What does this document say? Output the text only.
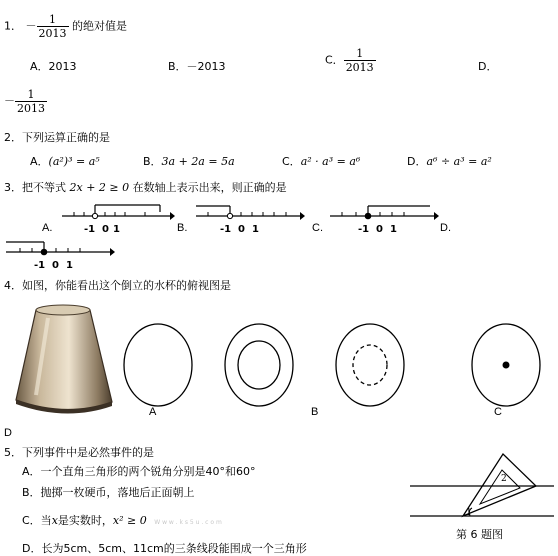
1． － $\frac{1}{2013}$ 的绝对值是
A．2013	B．－2013	C． $\frac{1}{2013}$	D．
－ $\frac{1}{2013}$
2．下列运算正确的是
A．(a²)³ = a⁵	B．3a + 2a = 5a	C．a² · a³ = a⁶	D．a⁶ ÷ a³ = a²
3．把不等式 2x + 2 ≥ 0 在数轴上表示出来，则正确的是
A.	-1 0 1	B.	-1 0 1	C.	-1 0 1	D.
-1 0 1
4．如图，你能看出这个倒立的水杯的俯视图是
A	B	C
D
5．下列事件中是必然事件的是
A．一个直角三角形的两个锐角分别是40°和60°
B．抛掷一枚硬币，落地后正面朝上
C．当x是实数时，x² ≥ 0 W w w . k s 5 u . c o m
D．长为5cm、5cm、11cm的三条线段能围成一个三角形
1
2
第 6 题图
